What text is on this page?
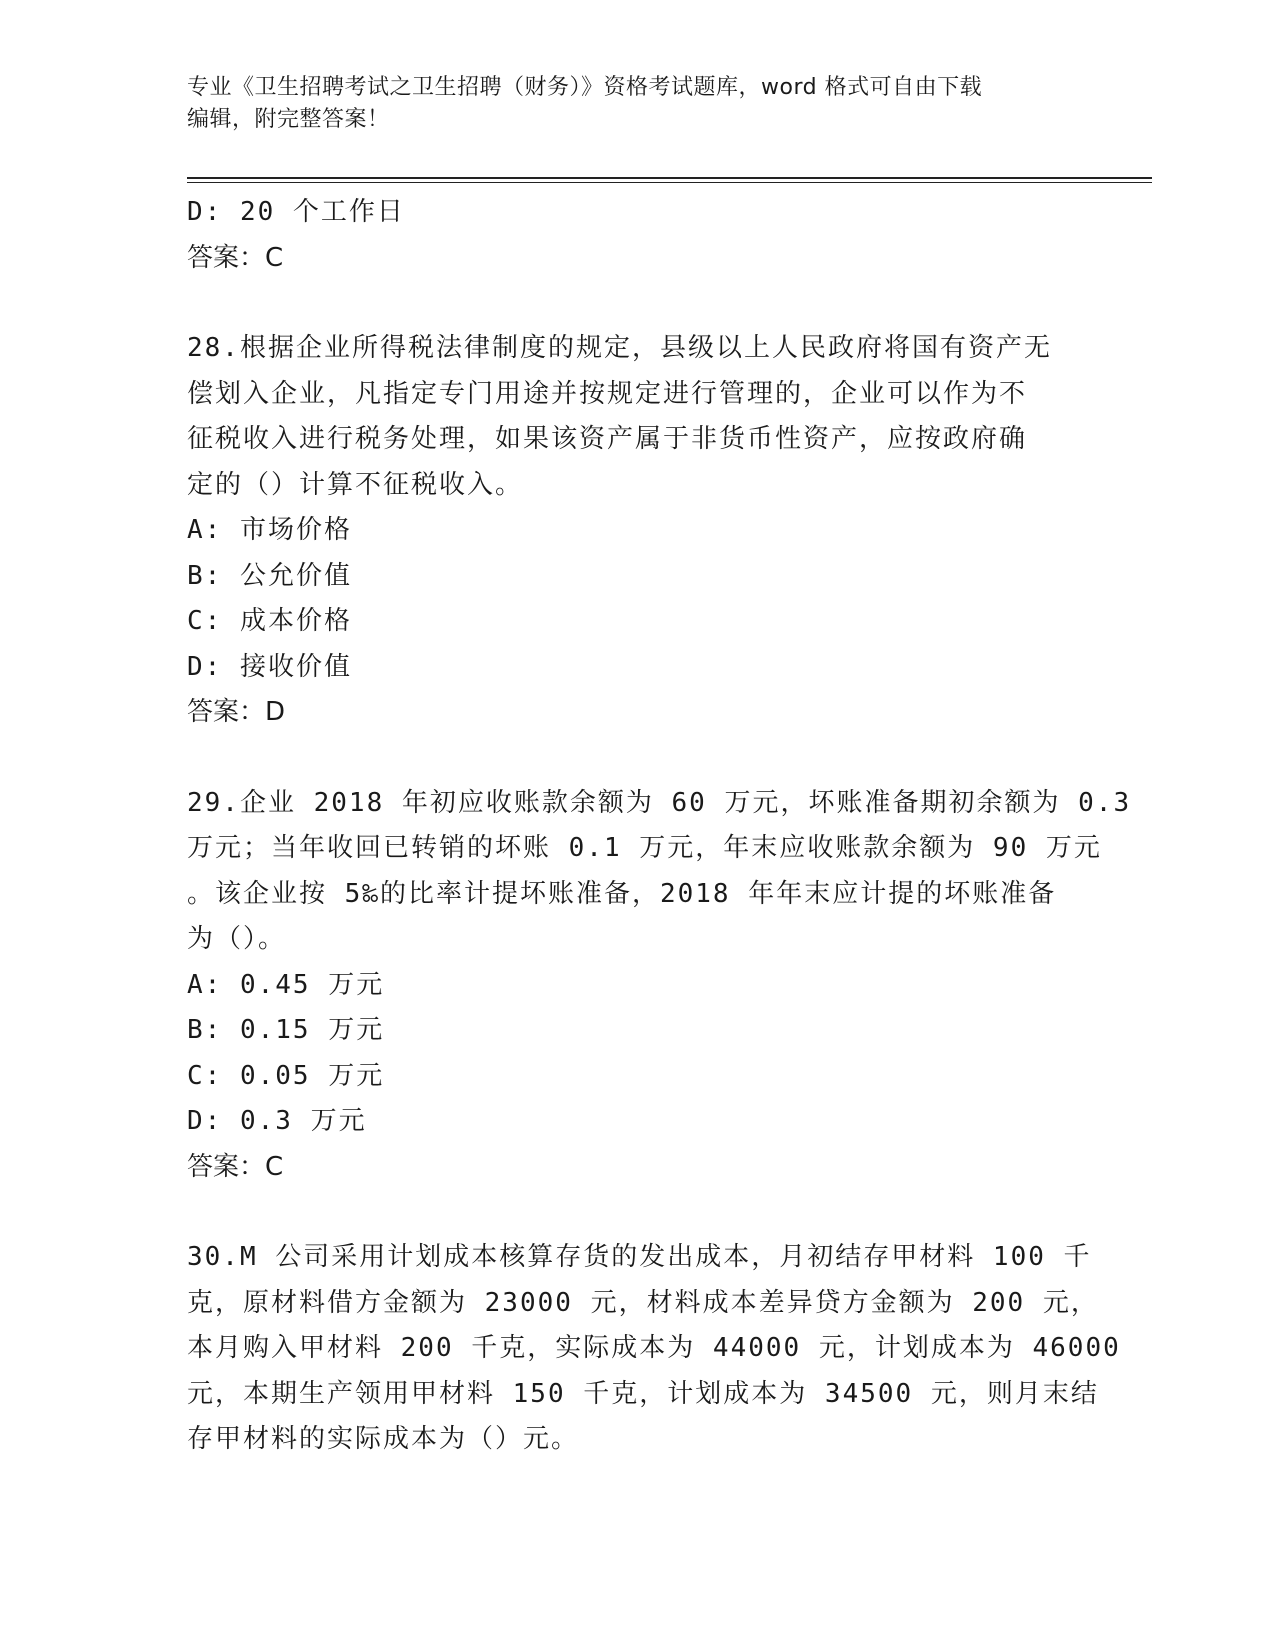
专业《卫生招聘考试之卫生招聘（财务）》资格考试题库，word 格式可自由下载
编辑，附完整答案！
D: 20 个工作日
答案：C
28.根据企业所得税法律制度的规定，县级以上人民政府将国有资产无
偿划入企业，凡指定专门用途并按规定进行管理的，企业可以作为不
征税收入进行税务处理，如果该资产属于非货币性资产，应按政府确
定的（）计算不征税收入。
A: 市场价格
B: 公允价值
C: 成本价格
D: 接收价值
答案：D
29.企业 2018 年初应收账款余额为 60 万元，坏账准备期初余额为 0.3
万元；当年收回已转销的坏账 0.1 万元，年末应收账款余额为 90 万元
。该企业按 5‰的比率计提坏账准备，2018 年年末应计提的坏账准备
为（）。
A: 0.45 万元
B: 0.15 万元
C: 0.05 万元
D: 0.3 万元
答案：C
30.M 公司采用计划成本核算存货的发出成本，月初结存甲材料 100 千
克，原材料借方金额为 23000 元，材料成本差异贷方金额为 200 元，
本月购入甲材料 200 千克，实际成本为 44000 元，计划成本为 46000
元，本期生产领用甲材料 150 千克，计划成本为 34500 元，则月末结
存甲材料的实际成本为（）元。
